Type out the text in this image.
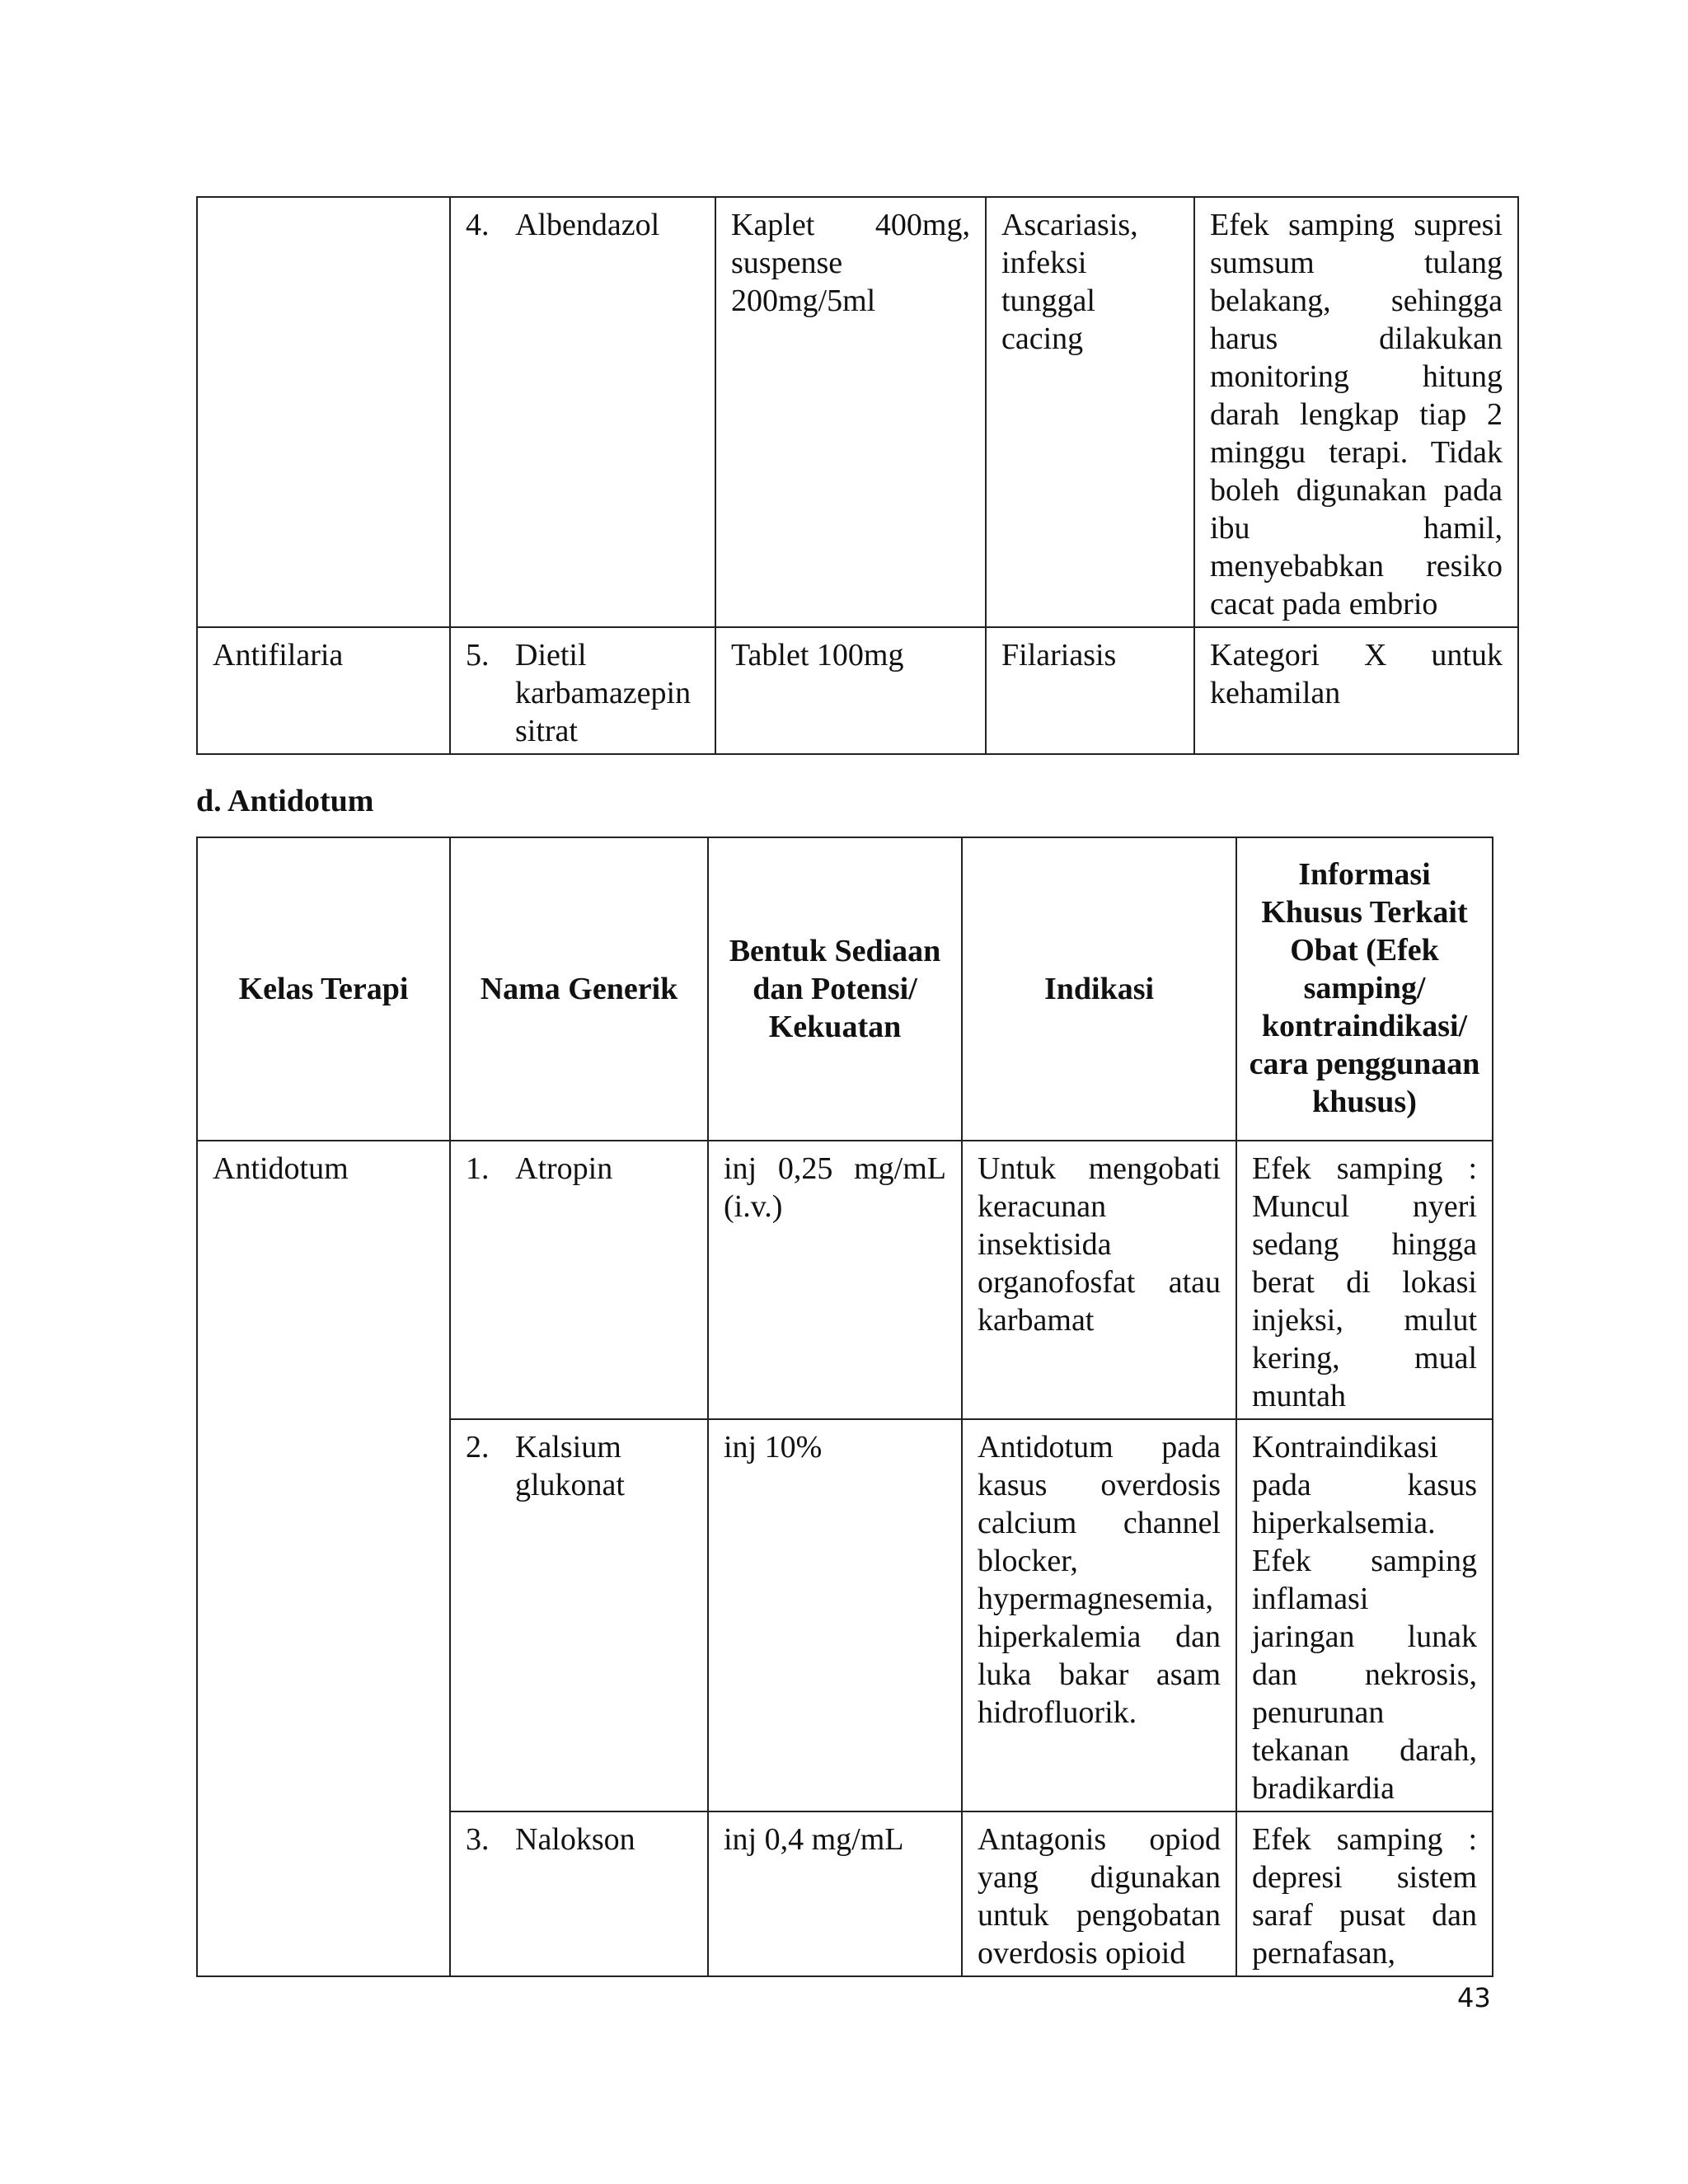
	4. Albendazol	Kaplet 400mg, suspense 200mg/5ml	Ascariasis, infeksi tunggal cacing	Efek samping supresi sumsum tulang belakang, sehingga harus dilakukan monitoring hitung darah lengkap tiap 2 minggu terapi. Tidak boleh digunakan pada ibu hamil, menyebabkan resiko cacat pada embrio
Antifilaria	5. Dietil karbamazepin sitrat	Tablet 100mg	Filariasis	Kategori X untuk kehamilan
d. Antidotum
Kelas Terapi	Nama Generik	Bentuk Sediaan dan Potensi/ Kekuatan	Indikasi	Informasi Khusus Terkait Obat (Efek samping/ kontraindikasi/ cara penggunaan khusus)
Antidotum	1. Atropin	inj 0,25 mg/mL (i.v.)	Untuk mengobati keracunan insektisida organofosfat atau karbamat	Efek samping : Muncul nyeri sedang hingga berat di lokasi injeksi, mulut kering, mual muntah

	2. Kalsium glukonat	inj 10%	Antidotum pada kasus overdosis calcium channel blocker, hypermagnesemia, hiperkalemia dan luka bakar asam hidrofluorik.	Kontraindikasi pada kasus hiperkalsemia. Efek samping inflamasi jaringan lunak dan nekrosis, penurunan tekanan darah, bradikardia

	3. Nalokson	inj 0,4 mg/mL	Antagonis opiod yang digunakan untuk pengobatan overdosis opioid	Efek samping : depresi sistem saraf pusat dan pernafasan,
43
